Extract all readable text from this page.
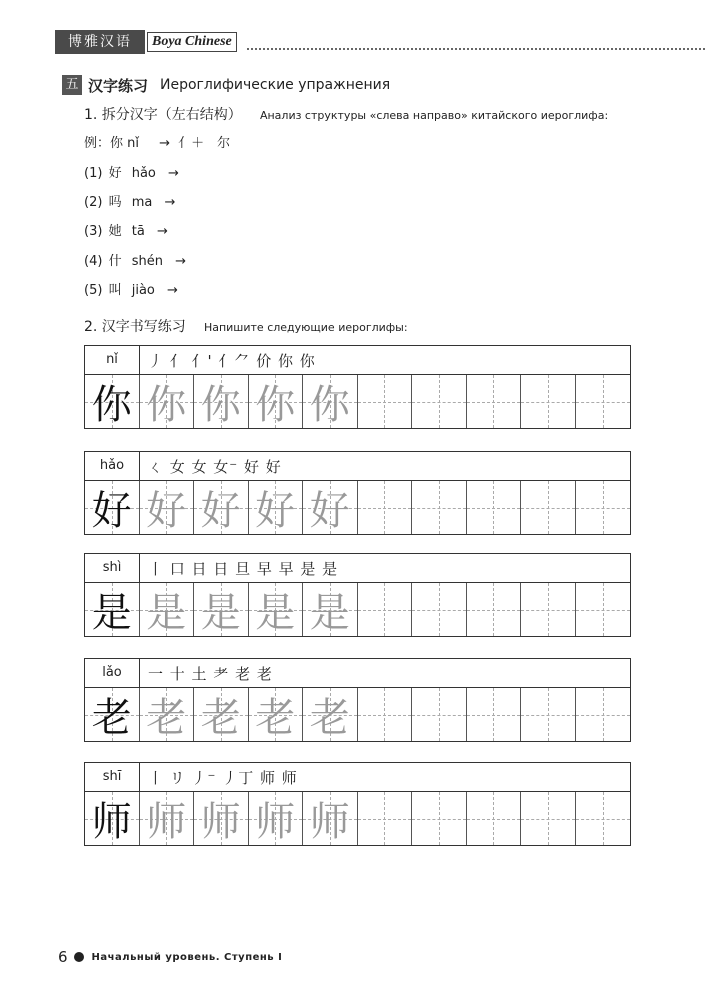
博雅汉语	Boya Chinese
五 汉字练习 Иероглифические упражнения
1. 拆分汉字（左右结构） Анализ структуры «слева направо» китайского иероглифа:
例：你 nǐ → 亻＋　尔
(1) 好 hǎo →
(2) 吗 ma →
(3) 她 tā →
(4) 什 shén →
(5) 叫 jiào →
2. 汉字书写练习 Напишите следующие иероглифы:
nǐ	丿 亻 亻' 亻⺈ 价 你 你
你 你 你 你 你
hǎo	ㄑ 女 女 女⁻ 好 好
好 好 好 好 好
shì	丨 口 日 日 旦 早 早 是 是
是 是 是 是 是
lǎo	一 十 土 耂 老 老
老 老 老 老 老
shī	丨 リ 丿⁻ 丿丁 师 师
师 师 师 师 师
6 Начальный уровень. Ступень I
